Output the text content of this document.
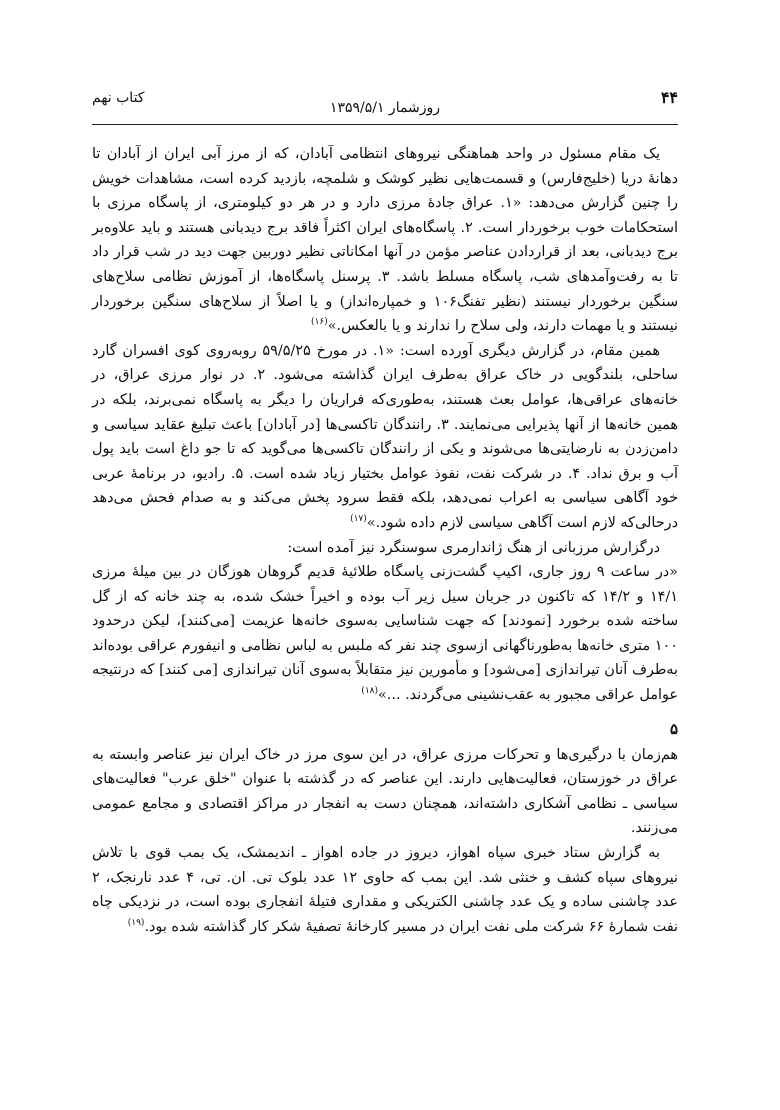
کتاب نهم
روزشمار ۱۳۵۹/۵/۱
۴۴

یک مقام مسئول در واحد هماهنگی نیروهای انتظامی آبادان، که از مرز آبی ایران از آبادان تا دهانهٔ دریا (خلیج‌فارس) و قسمت‌هایی نظیر کوشک و شلمچه، بازدید کرده است، مشاهدات خویش را چنین گزارش می‌دهد: «۱. عراق جادهٔ مرزی دارد و در هر دو کیلومتری، از پاسگاه مرزی با استحکامات خوب برخوردار است. ۲. پاسگاه‌های ایران اکثراً فاقد برج دیدبانی هستند و باید علاوه‌بر برج دیدبانی، بعد از قراردادن عناصر مؤمن در آنها امکاناتی نظیر دوربین جهت دید در شب قرار داد تا به رفت‌وآمدهای شب، پاسگاه مسلط باشد. ۳. پرسنل پاسگاه‌ها، از آموزش نظامی سلاح‌های سنگین برخوردار نیستند (نظیر تفنگ۱۰۶ و خمپاره‌انداز) و یا اصلاً از سلاح‌های سنگین برخوردار نیستند و یا مهمات دارند، ولی سلاح را ندارند و یا بالعکس.»$^{(۱۶)}$

همین مقام، در گزارش دیگری آورده است: «۱. در مورخ ۵۹/۵/۲۵ روبه‌روی کوی افسران گارد ساحلی، بلندگویی در خاک عراق به‌طرف ایران گذاشته می‌شود. ۲. در نوار مرزی عراق، در خانه‌های عراقی‌ها، عوامل بعث هستند، به‌طوری‌که فراریان را دیگر به پاسگاه نمی‌برند، بلکه در همین خانه‌ها از آنها پذیرایی می‌نمایند. ۳. رانندگان تاکسی‌ها [در آبادان] باعث تبلیغ عقاید سیاسی و دامن‌زدن به نارضایتی‌ها می‌شوند و یکی از رانندگان تاکسی‌ها می‌گوید که تا جو داغ است باید پول آب و برق نداد. ۴. در شرکت نفت، نفوذ عوامل بختیار زیاد شده است. ۵. رادیو، در برنامهٔ عربی خود آگاهی سیاسی به اعراب نمی‌دهد، بلکه فقط سرود پخش می‌کند و به صدام فحش می‌دهد درحالی‌که لازم است آگاهی سیاسی لازم داده شود.»$^{(۱۷)}$

درگزارش مرزبانی از هنگ ژاندارمری سوسنگرد نیز آمده است:

«در ساعت ۹ روز جاری، اکیپ گشت‌زنی پاسگاه طلائیهٔ قدیم گروهان هوزگان در بین میلهٔ مرزی ۱۴/۱ و ۱۴/۲ که تاکنون در جریان سیل زیر آب بوده و اخیراً خشک شده، به چند خانه که از گل ساخته شده برخورد [نمودند] که جهت شناسایی به‌سوی خانه‌ها عزیمت [می‌کنند]، لیکن درحدود ۱۰۰ متری خانه‌ها به‌طورناگهانی ازسوی چند نفر که ملبس به لباس نظامی و انیفورم عراقی بوده‌اند به‌طرف آنان تیراندازی [می‌شود] و مأمورین نیز متقابلاً به‌سوی آنان تیراندازی [می کنند] که درنتیجه عوامل عراقی مجبور به عقب‌نشینی می‌گردند. ...»$^{(۱۸)}$

۵

هم‌زمان با درگیری‌ها و تحرکات مرزی عراق، در این سوی مرز در خاک ایران نیز عناصر وابسته به عراق در خوزستان، فعالیت‌هایی دارند. این عناصر که در گذشته با عنوان "خلق عرب" فعالیت‌های سیاسی ـ نظامی آشکاری داشته‌اند، همچنان دست به انفجار در مراکز اقتصادی و مجامع عمومی می‌زنند.

به گزارش ستاد خبری سپاه اهواز، دیروز در جاده اهواز ـ اندیمشک، یک بمب قوی با تلاش نیروهای سپاه کشف و خنثی شد. این بمب که حاوی ۱۲ عدد بلوک تی. ان. تی، ۴ عدد نارنجک، ۲ عدد چاشنی ساده و یک عدد چاشنی الکتریکی و مقداری فتیلهٔ انفجاری بوده است، در نزدیکی چاه نفت شمارهٔ ۶۶ شرکت ملی نفت ایران در مسیر کارخانهٔ تصفیهٔ شکر کار گذاشته شده بود.$^{(۱۹)}$
